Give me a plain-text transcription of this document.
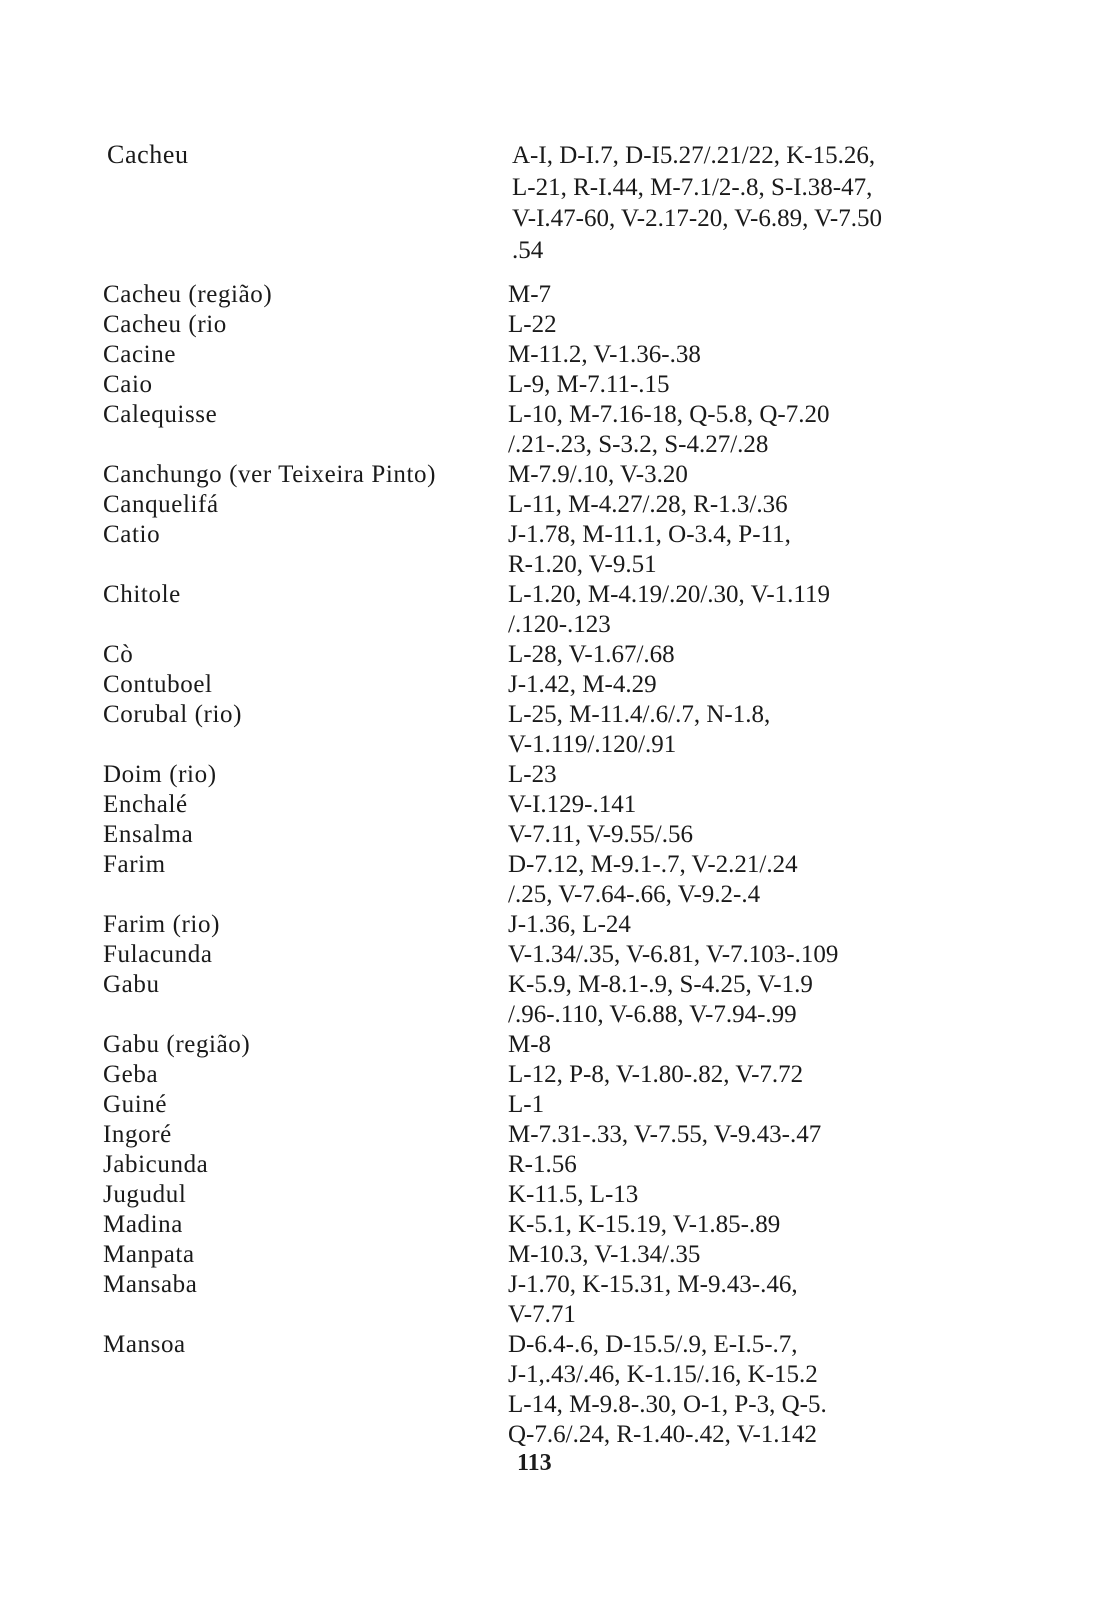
Cacheu	A-I, D-I.7, D-I5.27/.21/22, K-15.26,
L-21, R-I.44, M-7.1/2-.8, S-I.38-47,
V-I.47-60, V-2.17-20, V-6.89, V-7.50
.54
Cacheu (região)	M-7
Cacheu (rio	L-22
Cacine	M-11.2, V-1.36-.38
Caio	L-9, M-7.11-.15
Calequisse	L-10, M-7.16-18, Q-5.8, Q-7.20
/.21-.23, S-3.2, S-4.27/.28
Canchungo (ver Teixeira Pinto)	M-7.9/.10, V-3.20
Canquelifá	L-11, M-4.27/.28, R-1.3/.36
Catio	J-1.78, M-11.1, O-3.4, P-11,
R-1.20, V-9.51
Chitole	L-1.20, M-4.19/.20/.30, V-1.119
/.120-.123
Cò	L-28, V-1.67/.68
Contuboel	J-1.42, M-4.29
Corubal (rio)	L-25, M-11.4/.6/.7, N-1.8,
V-1.119/.120/.91
Doim (rio)	L-23
Enchalé	V-I.129-.141
Ensalma	V-7.11, V-9.55/.56
Farim	D-7.12, M-9.1-.7, V-2.21/.24
/.25, V-7.64-.66, V-9.2-.4
Farim (rio)	J-1.36, L-24
Fulacunda	V-1.34/.35, V-6.81, V-7.103-.109
Gabu	K-5.9, M-8.1-.9, S-4.25, V-1.9
/.96-.110, V-6.88, V-7.94-.99
Gabu (região)	M-8
Geba	L-12, P-8, V-1.80-.82, V-7.72
Guiné	L-1
Ingoré	M-7.31-.33, V-7.55, V-9.43-.47
Jabicunda	R-1.56
Jugudul	K-11.5, L-13
Madina	K-5.1, K-15.19, V-1.85-.89
Manpata	M-10.3, V-1.34/.35
Mansaba	J-1.70, K-15.31, M-9.43-.46,
V-7.71
Mansoa	D-6.4-.6, D-15.5/.9, E-I.5-.7,
J-1,.43/.46, K-1.15/.16, K-15.2
L-14, M-9.8-.30, O-1, P-3, Q-5.
Q-7.6/.24, R-1.40-.42, V-1.142
113
